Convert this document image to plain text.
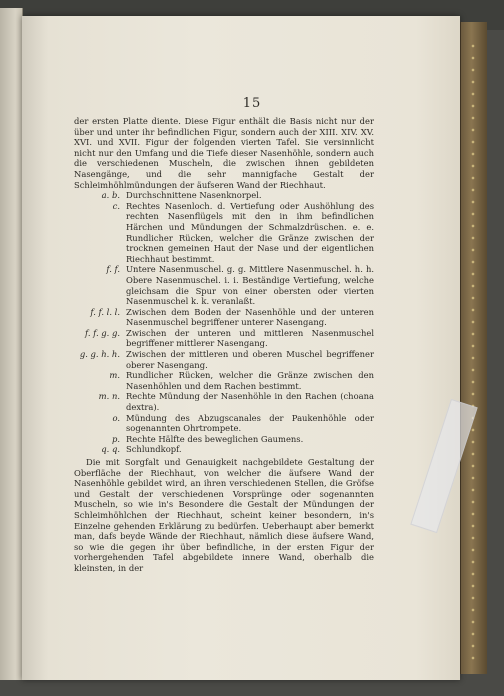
15

der ersten Platte diente. Diese Figur enthält die Basis nicht nur der über und unter ihr befindlichen Figur, sondern auch der XIII. XIV. XV. XVI. und XVII. Figur der folgenden vierten Tafel. Sie versinnlicht nicht nur den Umfang und die Tiefe dieser Nasenhöhle, sondern auch die verschiedenen Muscheln, die zwischen ihnen gebildeten Nasengänge, und die sehr mannigfache Gestalt der Schleimhöhlmündungen der äufseren Wand der Riechhaut.

a. b. Durchschnittene Nasenknorpel.
c. Rechtes Nasenloch. d. Vertiefung oder Aushöhlung des rechten Nasenflügels mit den in ihm befindlichen Härchen und Mündungen der Schmalzdrüschen. e. e. Rundlicher Rücken, welcher die Gränze zwischen der trocknen gemeinen Haut der Nase und der eigentlichen Riechhaut bestimmt.
f. f. Untere Nasenmuschel. g. g. Mittlere Nasenmuschel. h. h. Obere Nasenmuschel. i. i. Beständige Vertiefung, welche gleichsam die Spur von einer obersten oder vierten Nasenmuschel k. k. veranlaßt.
f. f. l. l. Zwischen dem Boden der Nasenhöhle und der unteren Nasenmuschel begriffener unterer Nasengang.
f. f. g. g. Zwischen der unteren und mittleren Nasenmuschel begriffener mittlerer Nasengang.
g. g. h. h. Zwischen der mittleren und oberen Muschel begriffener oberer Nasengang.
m. Rundlicher Rücken, welcher die Gränze zwischen den Nasenhöhlen und dem Rachen bestimmt.
m. n. Rechte Mündung der Nasenhöhle in den Rachen (choana dextra).
o. Mündung des Abzugscanales der Paukenhöhle oder sogenannten Ohrtrompete.
p. Rechte Hälfte des beweglichen Gaumens.
q. q. Schlundkopf.

Die mit Sorgfalt und Genauigkeit nachgebildete Gestaltung der Oberfläche der Riechhaut, von welcher die äufsere Wand der Nasenhöhle gebildet wird, an ihren verschiedenen Stellen, die Gröfse und Gestalt der verschiedenen Vorsprünge oder sogenannten Muscheln, so wie in's Besondere die Gestalt der Mündungen der Schleimhöhlchen der Riechhaut, scheint keiner besondern, in's Einzelne gehenden Erklärung zu bedürfen. Ueberhaupt aber bemerkt man, dafs beyde Wände der Riechhaut, nämlich diese äufsere Wand, so wie die gegen ihr über befindliche, in der ersten Figur der vorhergehenden Tafel abgebildete innere Wand, oberhalb die kleinsten, in der
